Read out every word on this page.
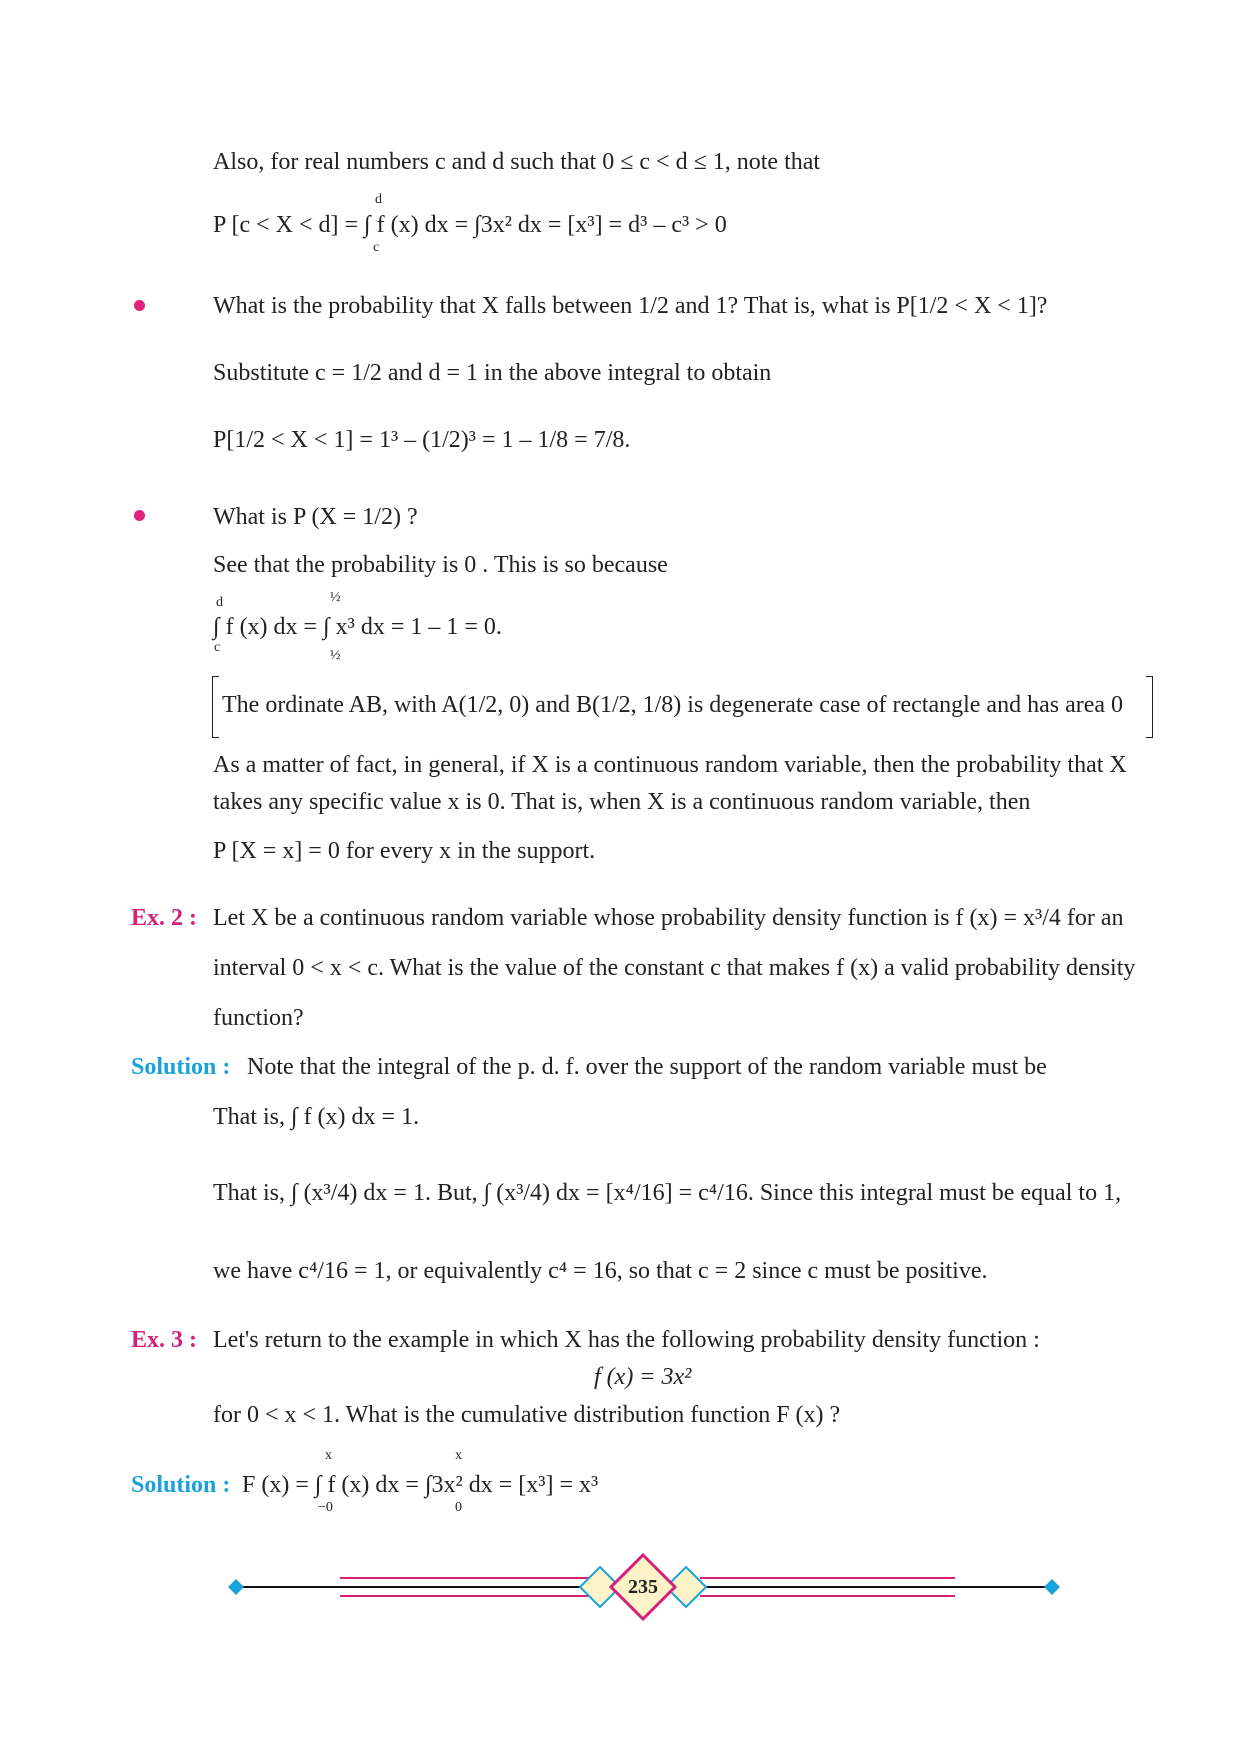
Also, for real numbers c and d such that 0 ≤ c < d ≤ 1, note that
P [c < X < d] = ∫ f (x) dx = ∫3x² dx = [x³] = d³ – c³ > 0
d
c
What is the probability that X falls between 1/2 and 1? That is, what is P[1/2 < X < 1]?
Substitute c = 1/2 and d = 1 in the above integral to obtain
P[1/2 < X < 1] = 1³ – (1/2)³ = 1 – 1/8 = 7/8.
What is P (X = 1/2) ?
See that the probability is 0 . This is so because
∫ f (x) dx = ∫ x³ dx = 1 – 1 = 0.
d
c
½
½
The ordinate AB, with A(1/2, 0) and B(1/2, 1/8) is degenerate case of rectangle and has area 0
As a matter of fact, in general, if X is a continuous random variable, then the probability that X
takes any specific value x is 0. That is, when X is a continuous random variable, then
P [X = x] = 0 for every x in the support.
Ex. 2 : Let X be a continuous random variable whose probability density function is f (x) = x³/4 for an
interval 0 < x < c. What is the value of the constant c that makes f (x) a valid probability density
function?
Solution : Note that the integral of the p. d. f. over the support of the random variable must be
That is, ∫ f (x) dx = 1.
That is, ∫ (x³/4) dx = 1. But, ∫ (x³/4) dx = [x⁴/16] = c⁴/16. Since this integral must be equal to 1,
we have c⁴/16 = 1, or equivalently c⁴ = 16, so that c = 2 since c must be positive.
Ex. 3 : Let's return to the example in which X has the following probability density function :
f (x) = 3x²
for 0 < x < 1. What is the cumulative distribution function F (x) ?
Solution : F (x) = ∫ f (x) dx = ∫3x² dx = [x³] = x³
x
−0
x
0
235
